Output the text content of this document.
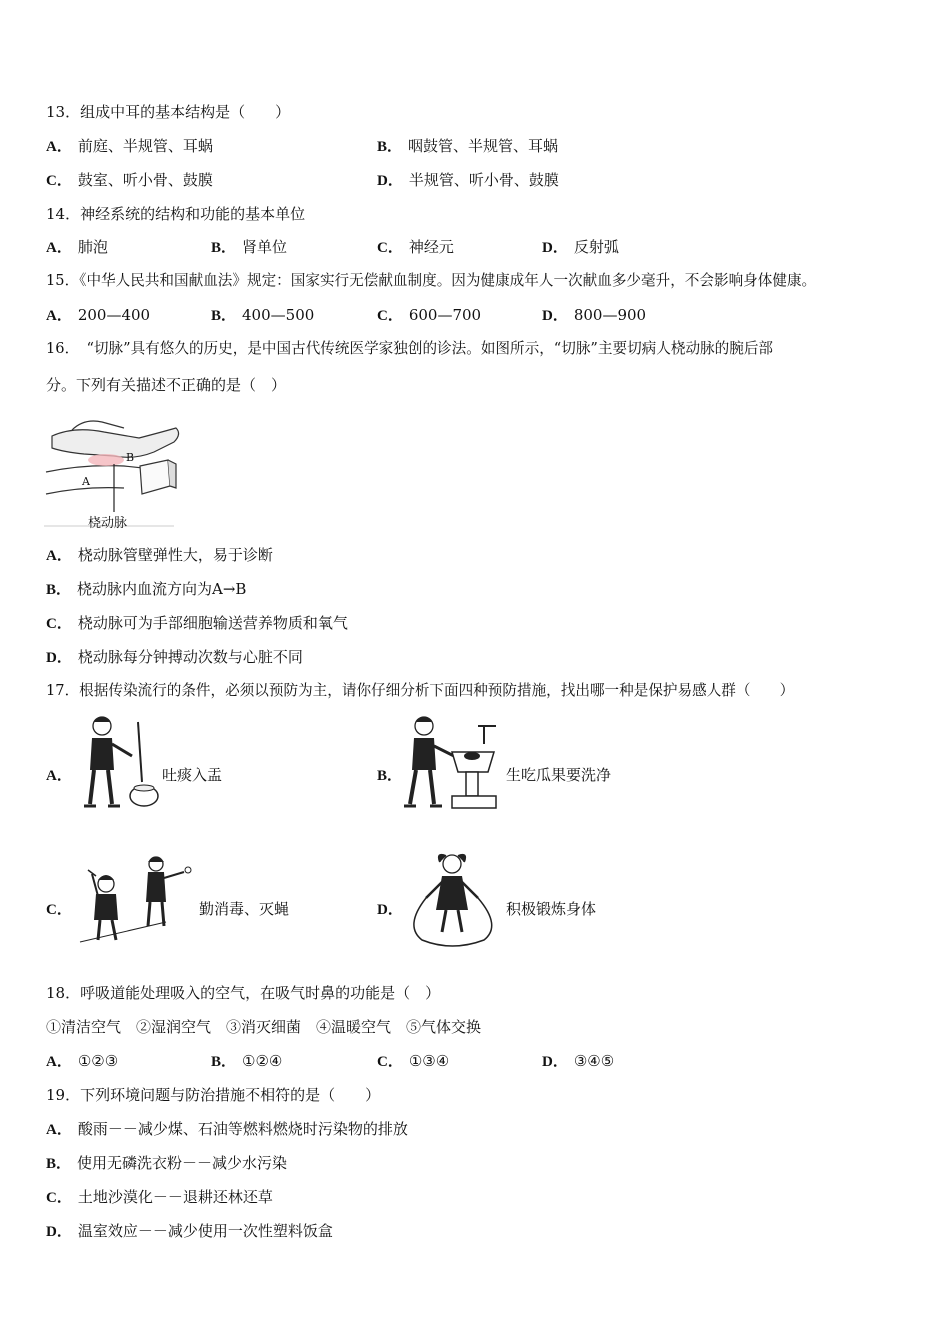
13．组成中耳的基本结构是（　　）
A． 前庭、半规管、耳蜗	B． 咽鼓管、半规管、耳蜗
C． 鼓室、听小骨、鼓膜	D． 半规管、听小骨、鼓膜
14．神经系统的结构和功能的基本单位
A． 肺泡	B． 肾单位	C． 神经元	D． 反射弧
15．《中华人民共和国献血法》规定：国家实行无偿献血制度。因为健康成年人一次献血多少毫升，不会影响身体健康。
A． 200—400	B． 400—500	C． 600—700	D． 800—900
16．　“切脉”具有悠久的历史，是中国古代传统医学家独创的诊法。如图所示，“切脉”主要切病人桡动脉的腕后部
分。下列有关描述不正确的是（　）
A
B
桡动脉
A． 桡动脉管壁弹性大，易于诊断
B． 桡动脉内血流方向为A→B
C． 桡动脉可为手部细胞输送营养物质和氧气
D． 桡动脉每分钟搏动次数与心脏不同
17．根据传染流行的条件，必须以预防为主，请你仔细分析下面四种预防措施，找出哪一种是保护易感人群（　　）
A．	吐痰入盂	B．	生吃瓜果要洗净
C．	勤消毒、灭蝇	D．	积极锻炼身体
18．呼吸道能处理吸入的空气，在吸气时鼻的功能是（　）
①清洁空气　②湿润空气　③消灭细菌　④温暖空气　⑤气体交换
A． ①②③	B． ①②④	C． ①③④	D． ③④⑤
19．下列环境问题与防治措施不相符的是（　　）
A． 酸雨－－减少煤、石油等燃料燃烧时污染物的排放
B． 使用无磷洗衣粉－－减少水污染
C． 土地沙漠化－－退耕还林还草
D． 温室效应－－减少使用一次性塑料饭盒
